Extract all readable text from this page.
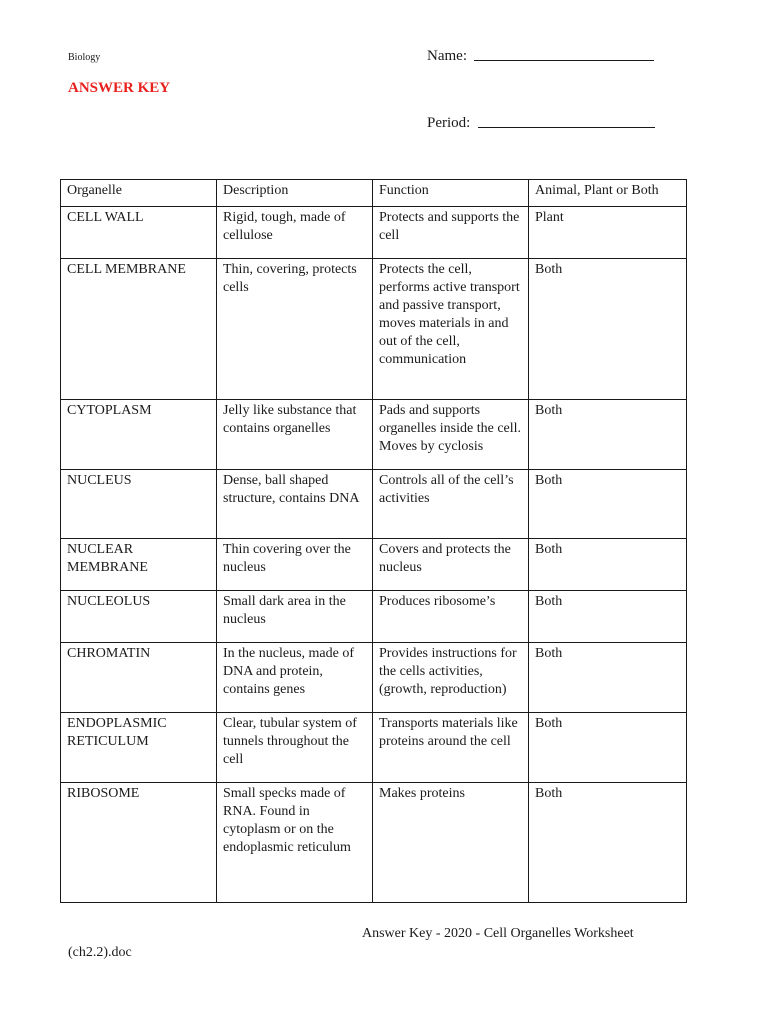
Biology
ANSWER KEY
Name:
Period:
Organelle	Description	Function	Animal, Plant or Both
CELL WALL	Rigid, tough, made of cellulose	Protects and supports the cell	Plant
CELL MEMBRANE	Thin, covering, protects cells	Protects the cell, performs active transport and passive transport, moves materials in and out of the cell, communication	Both
CYTOPLASM	Jelly like substance that contains organelles	Pads and supports organelles inside the cell. Moves by cyclosis	Both
NUCLEUS	Dense, ball shaped structure, contains DNA	Controls all of the cell’s activities	Both
NUCLEAR MEMBRANE	Thin covering over the nucleus	Covers and protects the nucleus	Both
NUCLEOLUS	Small dark area in the nucleus	Produces ribosome’s	Both
CHROMATIN	In the nucleus, made of DNA and protein, contains genes	Provides instructions for the cells activities, (growth, reproduction)	Both
ENDOPLASMIC RETICULUM	Clear, tubular system of tunnels throughout the cell	Transports materials like proteins around the cell	Both
RIBOSOME	Small specks made of RNA. Found in cytoplasm or on the endoplasmic reticulum	Makes proteins	Both
Answer Key - 2020 - Cell Organelles Worksheet
(ch2.2).doc
